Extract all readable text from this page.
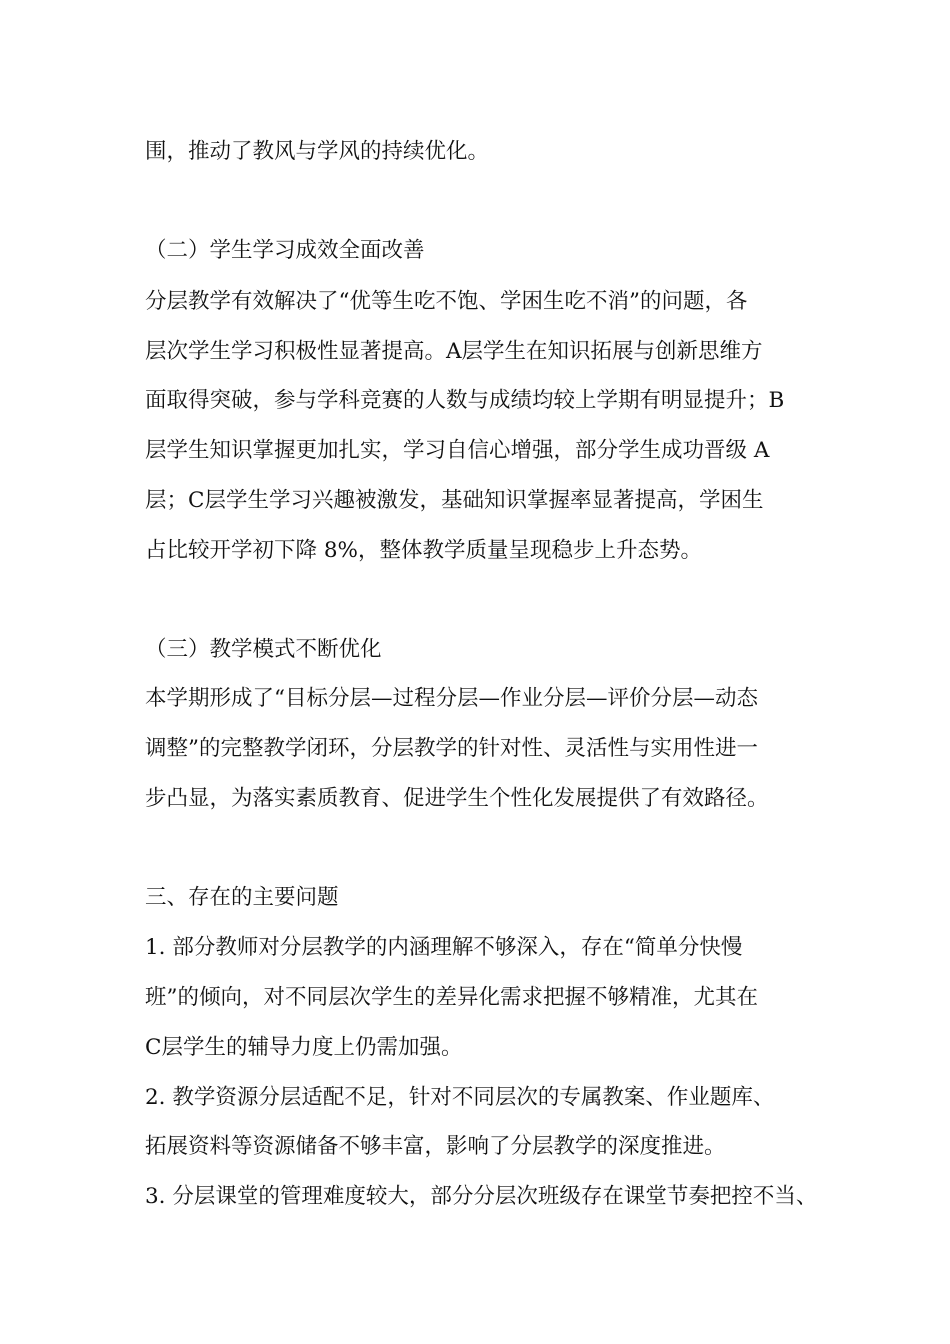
围，推动了教风与学风的持续优化。
（二）学生学习成效全面改善
分层教学有效解决了“优等生吃不饱、学困生吃不消”的问题，各
层次学生学习积极性显著提高。A层学生在知识拓展与创新思维方
面取得突破，参与学科竞赛的人数与成绩均较上学期有明显提升；B
层学生知识掌握更加扎实，学习自信心增强，部分学生成功晋级 A
层；C层学生学习兴趣被激发，基础知识掌握率显著提高，学困生
占比较开学初下降 8%，整体教学质量呈现稳步上升态势。
（三）教学模式不断优化
本学期形成了“目标分层—过程分层—作业分层—评价分层—动态
调整”的完整教学闭环，分层教学的针对性、灵活性与实用性进一
步凸显，为落实素质教育、促进学生个性化发展提供了有效路径。
三、存在的主要问题
1. 部分教师对分层教学的内涵理解不够深入，存在“简单分快慢
班”的倾向，对不同层次学生的差异化需求把握不够精准，尤其在
C层学生的辅导力度上仍需加强。
2. 教学资源分层适配不足，针对不同层次的专属教案、作业题库、
拓展资料等资源储备不够丰富，影响了分层教学的深度推进。
3. 分层课堂的管理难度较大，部分分层次班级存在课堂节奏把控不当、
